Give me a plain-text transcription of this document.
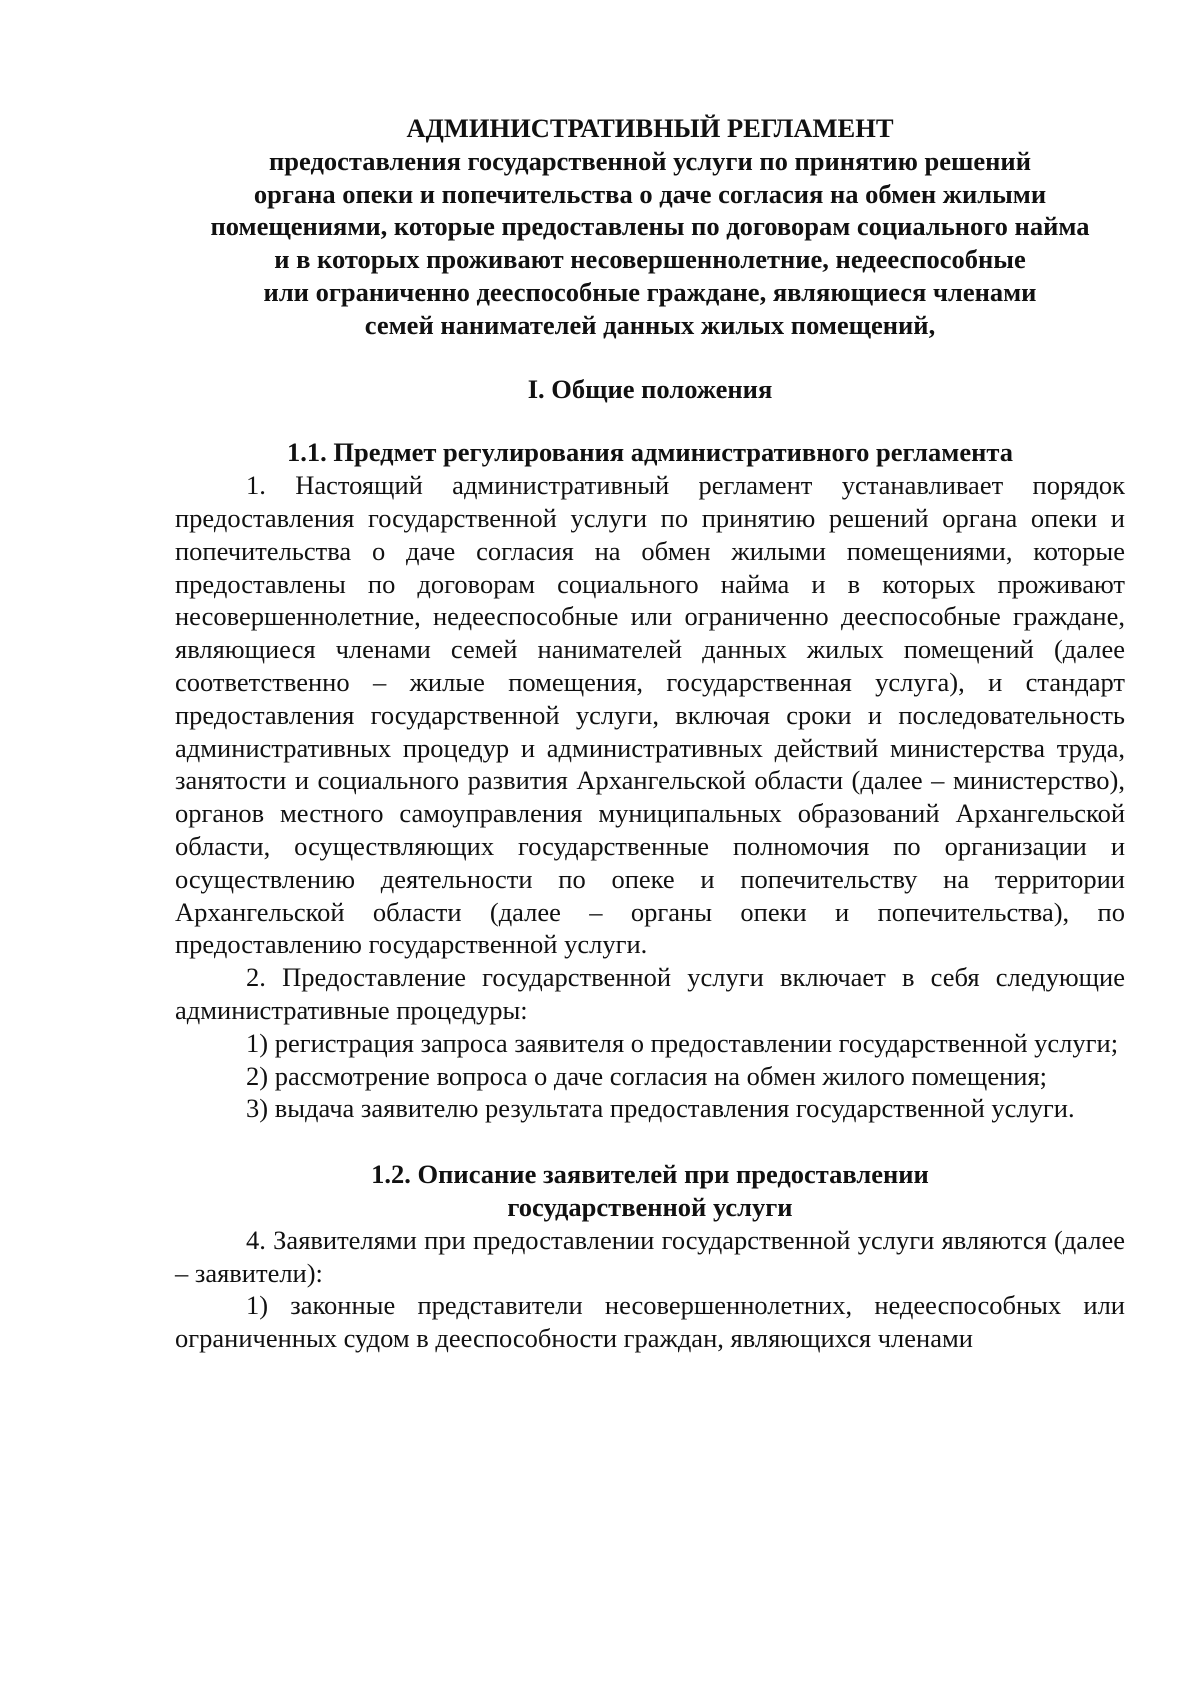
АДМИНИСТРАТИВНЫЙ РЕГЛАМЕНТ
предоставления государственной услуги по принятию решений
органа опеки и попечительства о даче согласия на обмен жилыми
помещениями, которые предоставлены по договорам социального найма
и в которых проживают несовершеннолетние, недееспособные
или ограниченно дееспособные граждане, являющиеся членами
семей нанимателей данных жилых помещений,
I. Общие положения
1.1. Предмет регулирования административного регламента

1. Настоящий административный регламент устанавливает порядок предоставления государственной услуги по принятию решений органа опеки и попечительства о даче согласия на обмен жилыми помещениями, которые предоставлены по договорам социального найма и в которых проживают несовершеннолетние, недееспособные или ограниченно дееспособные граждане, являющиеся членами семей нанимателей данных жилых помещений (далее соответственно – жилые помещения, государственная услуга), и стандарт предоставления государственной услуги, включая сроки и последовательность административных процедур и административных действий министерства труда, занятости и социального развития Архангельской области (далее – министерство), органов местного самоуправления муниципальных образований Архангельской области, осуществляющих государственные полномочия по организации и осуществлению деятельности по опеке и попечительству на территории Архангельской области (далее – органы опеки и попечительства), по предоставлению государственной услуги.

2. Предоставление государственной услуги включает в себя следующие административные процедуры:

1) регистрация запроса заявителя о предоставлении государственной услуги;

2) рассмотрение вопроса о даче согласия на обмен жилого помещения;

3) выдача заявителю результата предоставления государственной услуги.

1.2. Описание заявителей при предоставлении
государственной услуги

4. Заявителями при предоставлении государственной услуги являются (далее – заявители):

1) законные представители несовершеннолетних, недееспособных или ограниченных судом в дееспособности граждан, являющихся членами
